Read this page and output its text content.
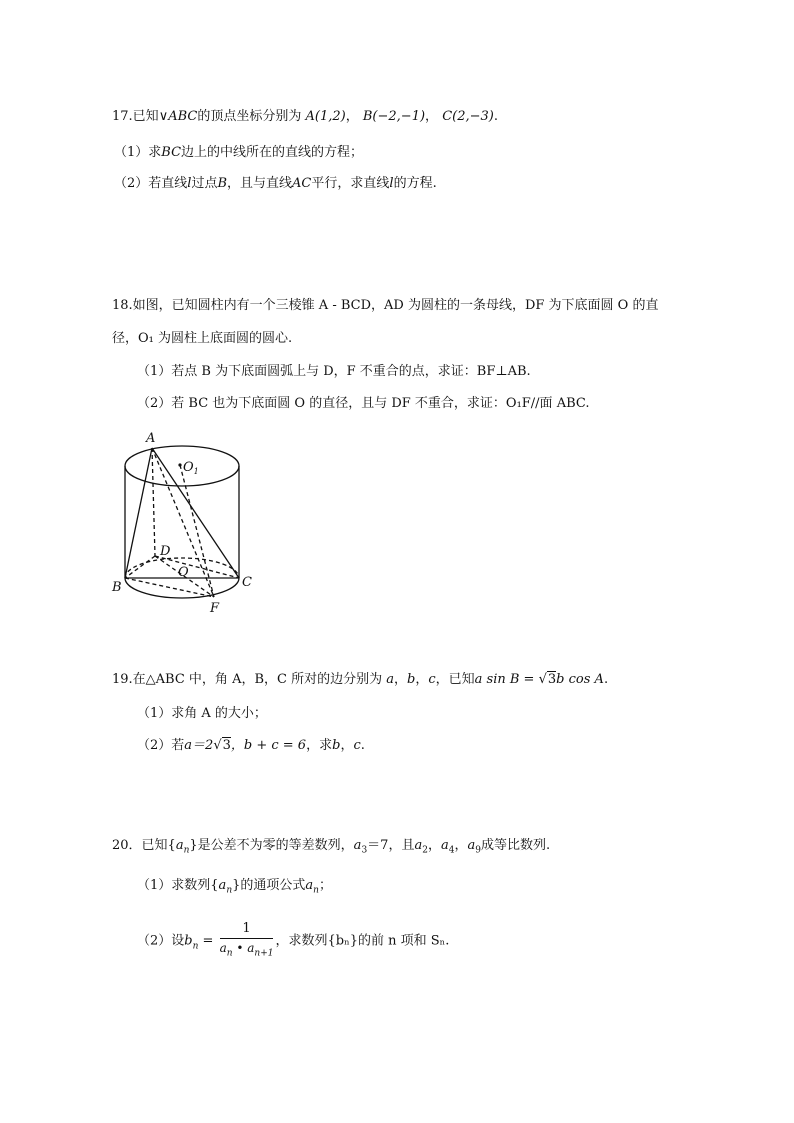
17.已知∨ABC的顶点坐标分别为 A(1,2)， B(−2,−1)， C(2,−3).
（1）求BC边上的中线所在的直线的方程；
（2）若直线l过点B，且与直线AC平行，求直线l的方程.
18.如图，已知圆柱内有一个三棱锥 A - BCD，AD 为圆柱的一条母线，DF 为下底面圆 O 的直
径，O₁ 为圆柱上底面圆的圆心.
（1）若点 B 为下底面圆弧上与 D，F 不重合的点，求证：BF⊥AB.
（2）若 BC 也为下底面圆 O 的直径，且与 DF 不重合，求证：O₁F//面 ABC.
A
$O_1$
D
O
B	C
F
19.在△ABC 中，角 A，B，C 所对的边分别为 a，b，c，已知a sin B = √3b cos A.
（1）求角 A 的大小；
（2）若a＝2√3，b + c = 6，求b，c.
20．已知$\{a_n\}$是公差不为零的等差数列，$a_3=7$，且$a_2$，$a_4$，$a_9$成等比数列.
（1）求数列$\{a_n\}$的通项公式$a_n$；
（2）设$b_n = \frac{1}{a_n • a_{n+1}}$ ，求数列{bₙ}的前 n 项和 Sₙ.
